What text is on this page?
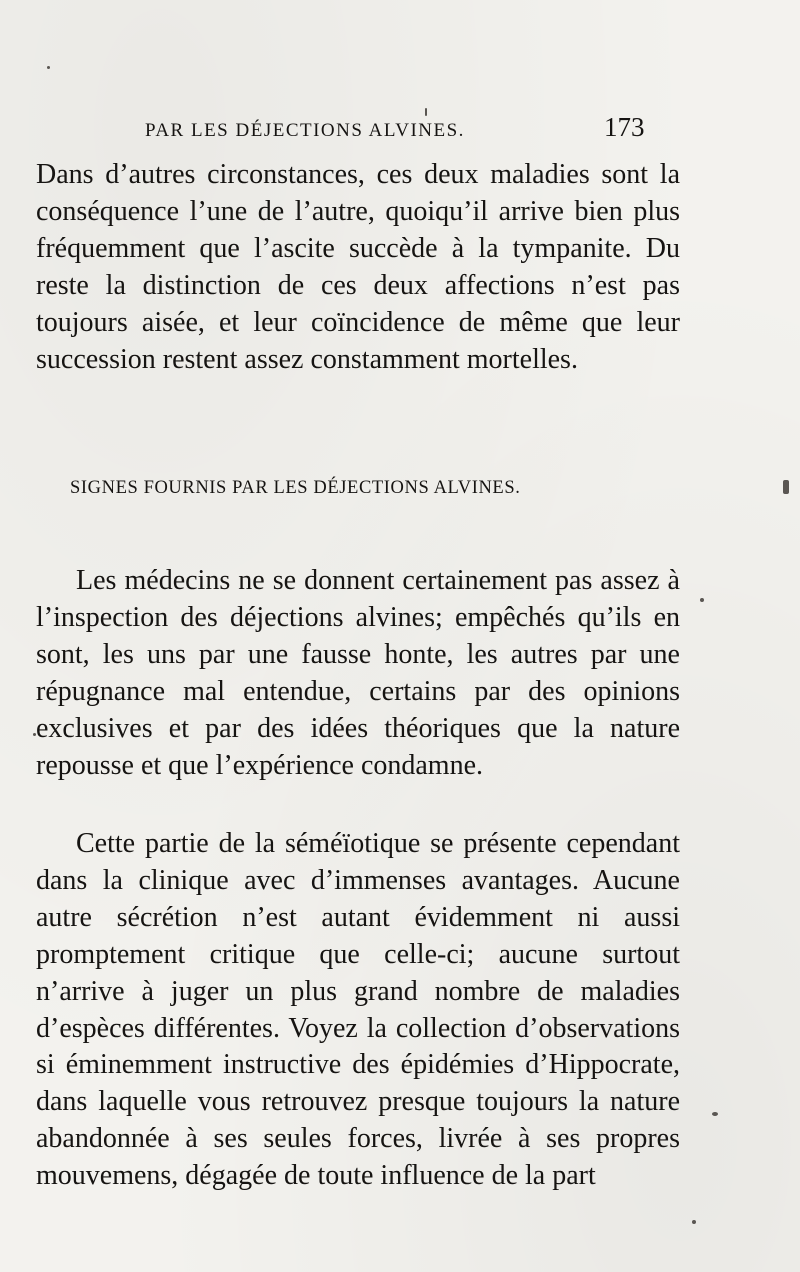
PAR LES DÉJECTIONS ALVINES.	173

Dans d’autres circonstances, ces deux maladies sont la conséquence l’une de l’autre, quoiqu’il arrive bien plus fréquemment que l’ascite succède à la tympanite. Du reste la distinction de ces deux affections n’est pas toujours aisée, et leur coïncidence de même que leur succession restent assez constamment mortelles.

SIGNES FOURNIS PAR LES DÉJECTIONS ALVINES.

Les médecins ne se donnent certainement pas assez à l’inspection des déjections alvines; empêchés qu’ils en sont, les uns par une fausse honte, les autres par une répugnance mal entendue, certains par des opinions exclusives et par des idées théoriques que la nature repousse et que l’expérience condamne.

Cette partie de la séméïotique se présente cependant dans la clinique avec d’immenses avantages. Aucune autre sécrétion n’est autant évidemment ni aussi promptement critique que celle-ci; aucune surtout n’arrive à juger un plus grand nombre de maladies d’espèces différentes. Voyez la collection d’observations si éminemment instructive des épidémies d’Hippocrate, dans laquelle vous retrouvez presque toujours la nature abandonnée à ses seules forces, livrée à ses propres mouvemens, dégagée de toute influence de la part
